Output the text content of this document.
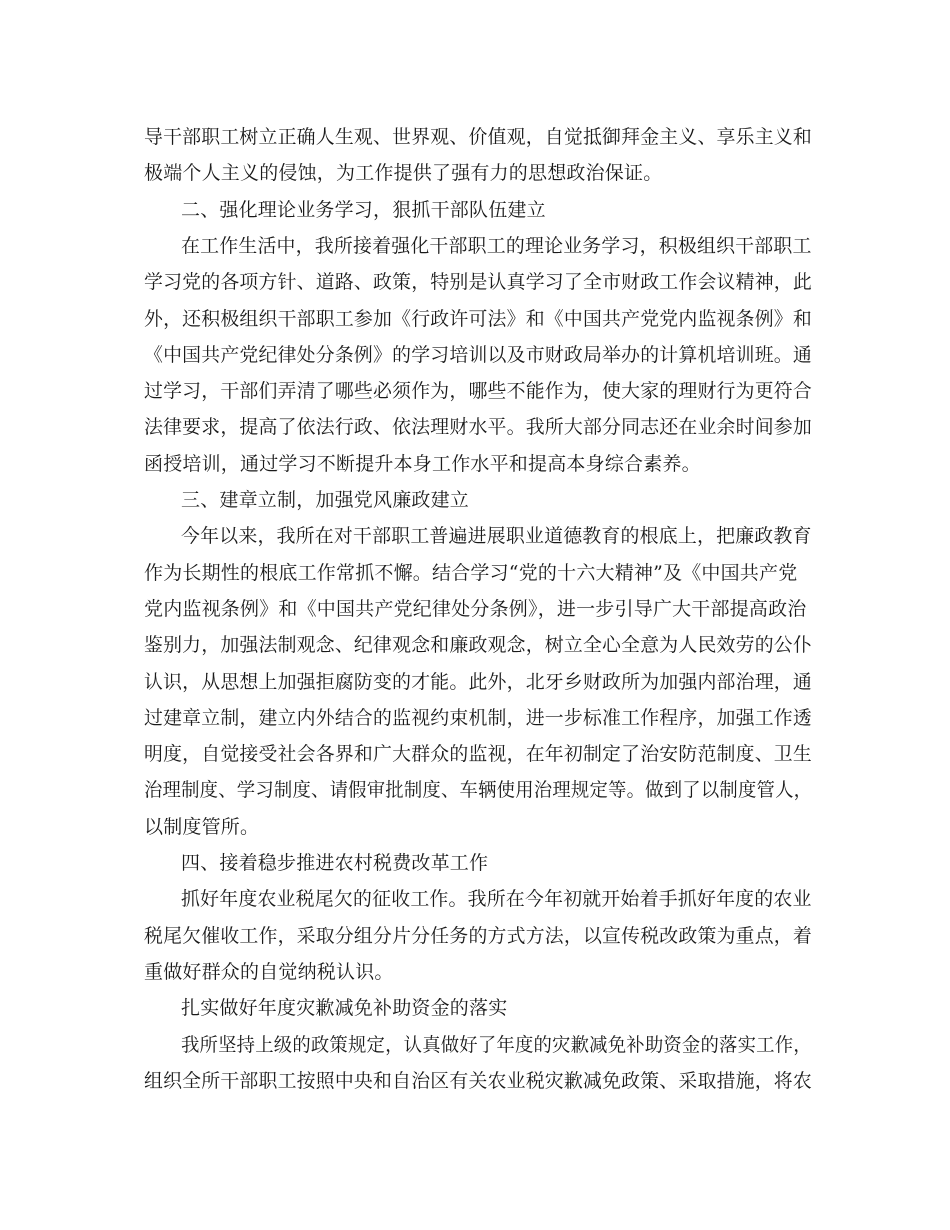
导干部职工树立正确人生观、世界观、价值观，自觉抵御拜金主义、享乐主义和
极端个人主义的侵蚀，为工作提供了强有力的思想政治保证。
二、强化理论业务学习，狠抓干部队伍建立
在工作生活中，我所接着强化干部职工的理论业务学习，积极组织干部职工
学习党的各项方针、道路、政策，特别是认真学习了全市财政工作会议精神，此
外，还积极组织干部职工参加《行政许可法》和《中国共产党党内监视条例》和
《中国共产党纪律处分条例》的学习培训以及市财政局举办的计算机培训班。通
过学习，干部们弄清了哪些必须作为，哪些不能作为，使大家的理财行为更符合
法律要求，提高了依法行政、依法理财水平。我所大部分同志还在业余时间参加
函授培训，通过学习不断提升本身工作水平和提高本身综合素养。
三、建章立制，加强党风廉政建立
今年以来，我所在对干部职工普遍进展职业道德教育的根底上，把廉政教育
作为长期性的根底工作常抓不懈。结合学习“党的十六大精神”及《中国共产党
党内监视条例》和《中国共产党纪律处分条例》，进一步引导广大干部提高政治
鉴别力，加强法制观念、纪律观念和廉政观念，树立全心全意为人民效劳的公仆
认识，从思想上加强拒腐防变的才能。此外，北牙乡财政所为加强内部治理，通
过建章立制，建立内外结合的监视约束机制，进一步标准工作程序，加强工作透
明度，自觉接受社会各界和广大群众的监视，在年初制定了治安防范制度、卫生
治理制度、学习制度、请假审批制度、车辆使用治理规定等。做到了以制度管人，
以制度管所。
四、接着稳步推进农村税费改革工作
抓好年度农业税尾欠的征收工作。我所在今年初就开始着手抓好年度的农业
税尾欠催收工作，采取分组分片分任务的方式方法，以宣传税改政策为重点，着
重做好群众的自觉纳税认识。
扎实做好年度灾歉减免补助资金的落实
我所坚持上级的政策规定，认真做好了年度的灾歉减免补助资金的落实工作，
组织全所干部职工按照中央和自治区有关农业税灾歉减免政策、采取措施，将农
